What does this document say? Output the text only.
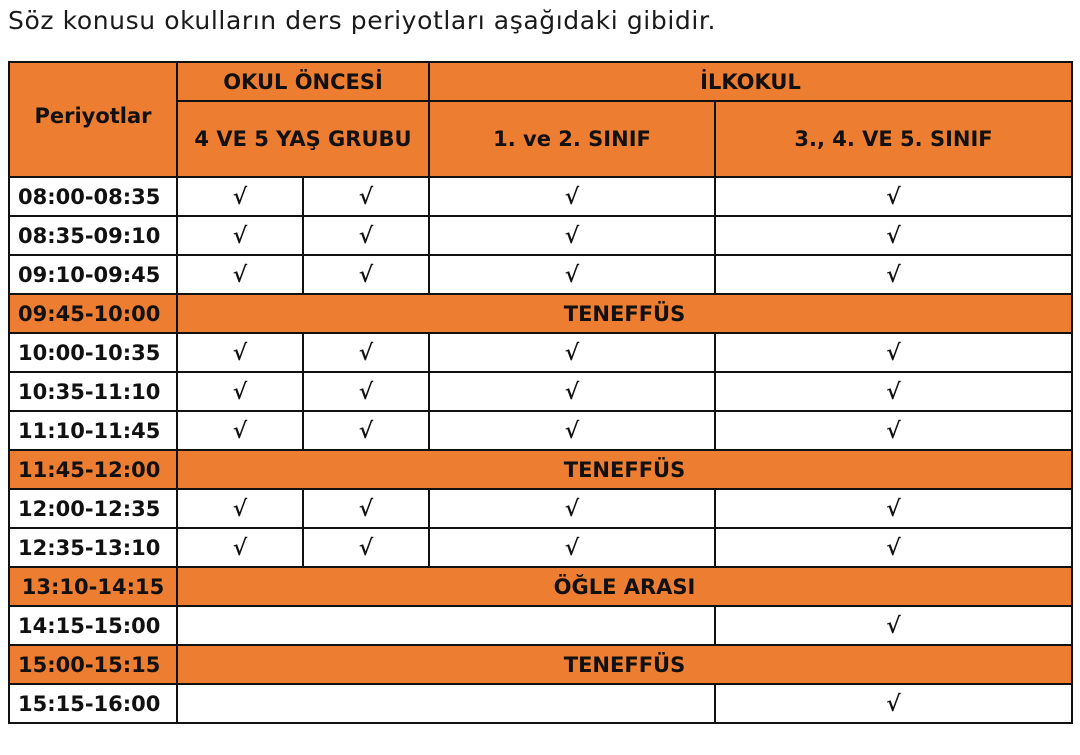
Söz konusu okulların ders periyotları aşağıdaki gibidir.
Periyotlar	OKUL ÖNCESİ		İLKOKUL	
	4 VE 5 YAŞ GRUBU		1. ve 2. SINIF	3., 4. VE 5. SINIF
08:00-08:35	√	√	√	√
08:35-09:10	√	√	√	√
09:10-09:45	√	√	√	√
09:45-10:00	TENEFFÜS			
10:00-10:35	√	√	√	√
10:35-11:10	√	√	√	√
11:10-11:45	√	√	√	√
11:45-12:00	TENEFFÜS			
12:00-12:35	√	√	√	√
12:35-13:10	√	√	√	√
13:10-14:15	ÖĞLE ARASI			
14:15-15:00				√
15:00-15:15	TENEFFÜS			
15:15-16:00				√
